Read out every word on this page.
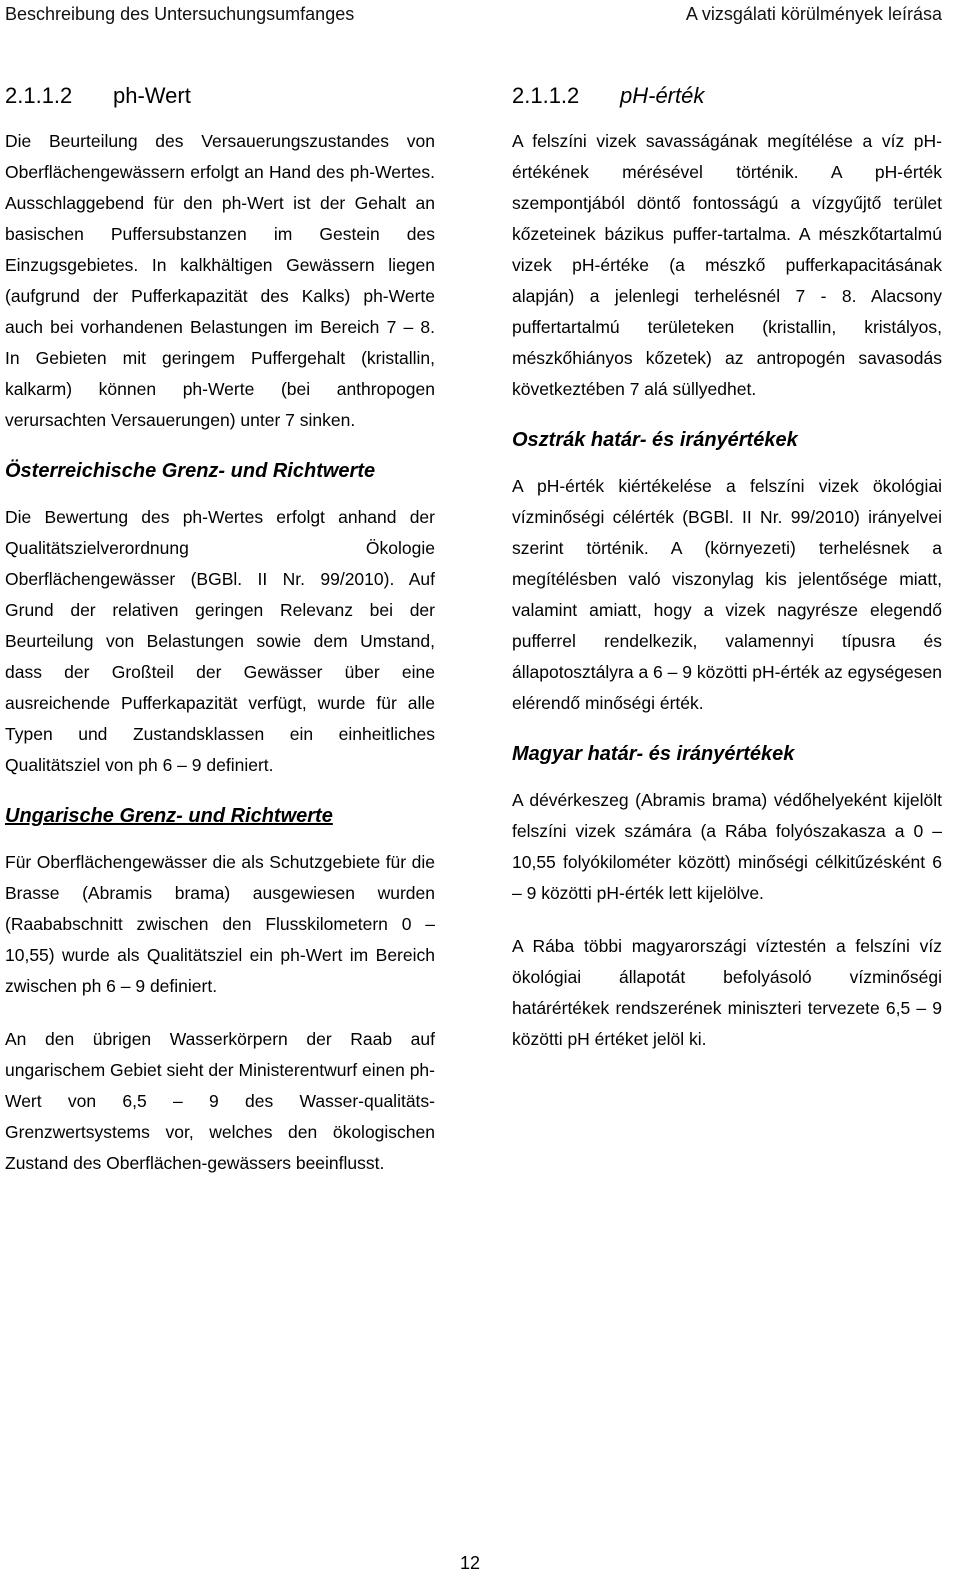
Beschreibung des Untersuchungsumfanges	A vizsgálati körülmények leírása
2.1.1.2 ph-Wert

Die Beurteilung des Versauerungszustandes von Oberflächengewässern erfolgt an Hand des ph-Wertes. Ausschlaggebend für den ph-Wert ist der Gehalt an basischen Puffersubstanzen im Gestein des Einzugsgebietes. In kalkhältigen Gewässern liegen (aufgrund der Pufferkapazität des Kalks) ph-Werte auch bei vorhandenen Belastungen im Bereich 7 – 8. In Gebieten mit geringem Puffergehalt (kristallin, kalkarm) können ph-Werte (bei anthropogen verursachten Versauerungen) unter 7 sinken.

Österreichische Grenz- und Richtwerte

Die Bewertung des ph-Wertes erfolgt anhand der Qualitätszielverordnung Ökologie Oberflächengewässer (BGBl. II Nr. 99/2010). Auf Grund der relativen geringen Relevanz bei der Beurteilung von Belastungen sowie dem Umstand, dass der Großteil der Gewässer über eine ausreichende Pufferkapazität verfügt, wurde für alle Typen und Zustandsklassen ein einheitliches Qualitätsziel von ph 6 – 9 definiert.

Ungarische Grenz- und Richtwerte

Für Oberflächengewässer die als Schutzgebiete für die Brasse (Abramis brama) ausgewiesen wurden (Raababschnitt zwischen den Flusskilometern 0 – 10,55) wurde als Qualitätsziel ein ph-Wert im Bereich zwischen ph 6 – 9 definiert.

An den übrigen Wasserkörpern der Raab auf ungarischem Gebiet sieht der Ministerentwurf einen ph-Wert von 6,5 – 9 des Wasser-qualitäts-Grenzwertsystems vor, welches den ökologischen Zustand des Oberflächen-gewässers beeinflusst.

2.1.1.2 pH-érték

A felszíni vizek savasságának megítélése a víz pH-értékének mérésével történik. A pH-érték szempontjából döntő fontosságú a vízgyűjtő terület kőzeteinek bázikus puffer-tartalma. A mészkőtartalmú vizek pH-értéke (a mészkő pufferkapacitásának alapján) a jelenlegi terhelésnél 7 - 8. Alacsony puffertartalmú területeken (kristallin, kristályos, mészkőhiányos kőzetek) az antropogén savasodás következtében 7 alá süllyedhet.

Osztrák határ- és irányértékek

A pH-érték kiértékelése a felszíni vizek ökológiai vízminőségi célérték (BGBl. II Nr. 99/2010) irányelvei szerint történik. A (környezeti) terhelésnek a megítélésben való viszonylag kis jelentősége miatt, valamint amiatt, hogy a vizek nagyrésze elegendő pufferrel rendelkezik, valamennyi típusra és állapotosztályra a 6 – 9 közötti pH-érték az egységesen elérendő minőségi érték.

Magyar határ- és irányértékek

A dévérkeszeg (Abramis brama) védőhelyeként kijelölt felszíni vizek számára (a Rába folyószakasza a 0 – 10,55 folyókilométer között) minőségi célkitűzésként 6 – 9 közötti pH-érték lett kijelölve.

A Rába többi magyarországi víztestén a felszíni víz ökológiai állapotát befolyásoló vízminőségi határértékek rendszerének miniszteri tervezete 6,5 – 9 közötti pH értéket jelöl ki.

12
